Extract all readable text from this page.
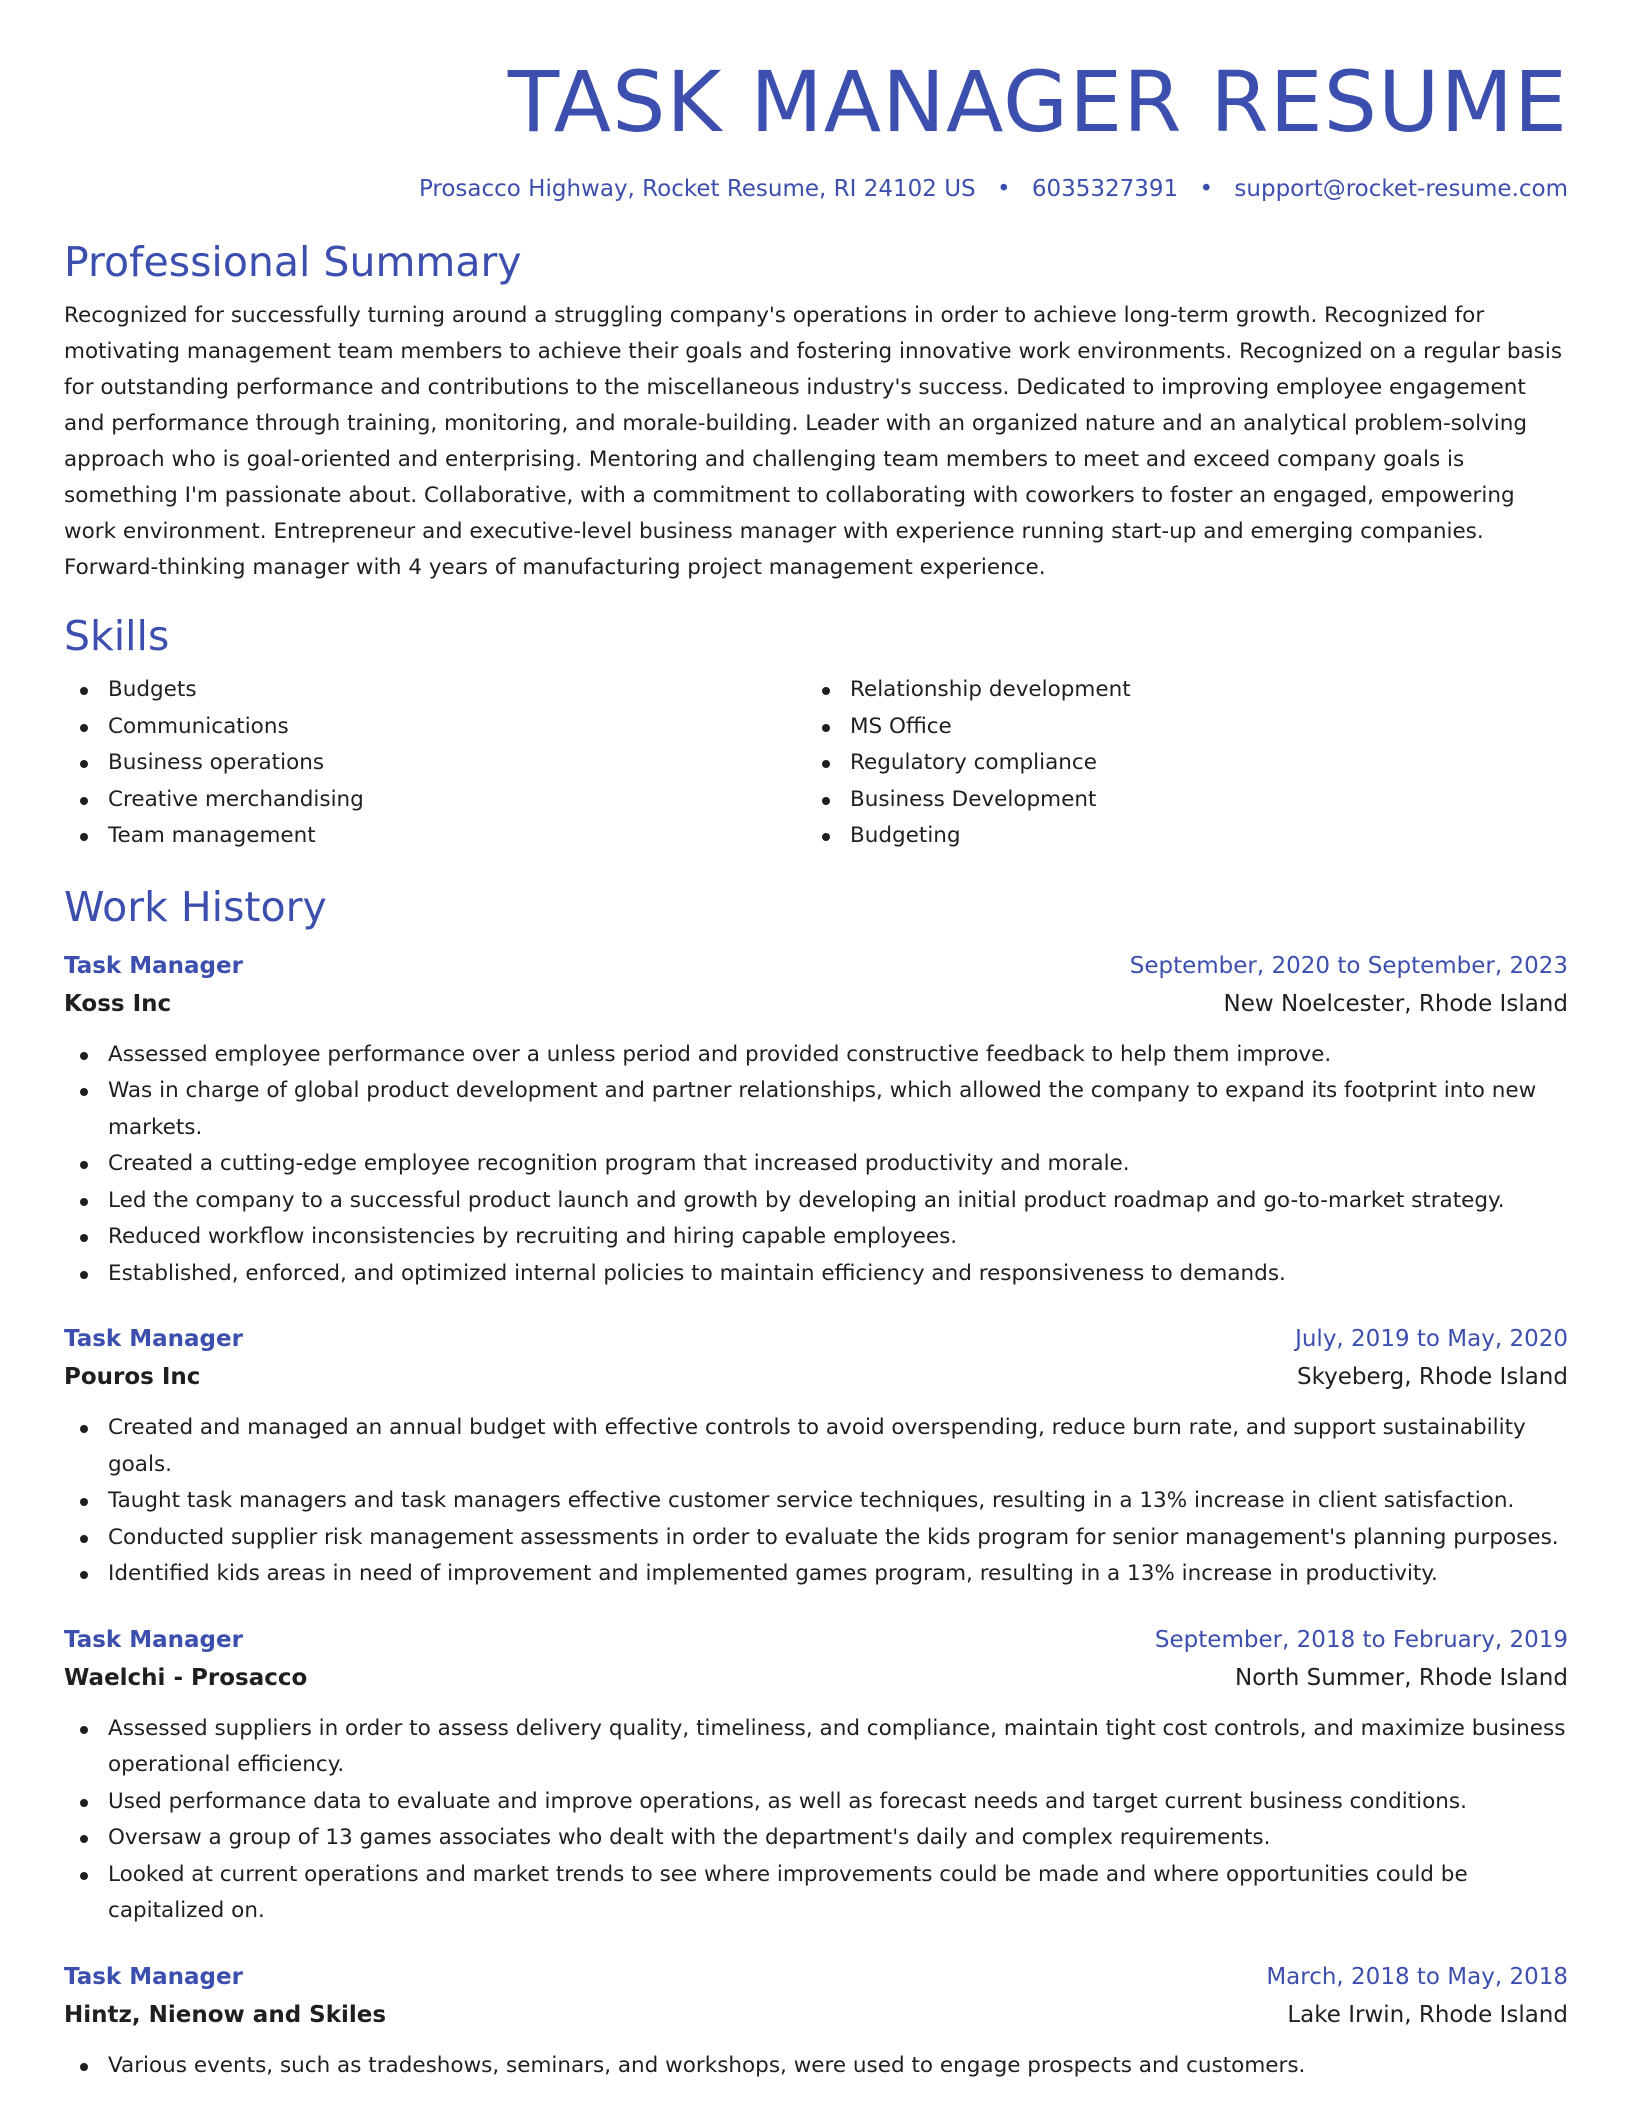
TASK MANAGER RESUME
Prosacco Highway, Rocket Resume, RI 24102 US • 6035327391 • support@rocket-resume.com
Professional Summary
Recognized for successfully turning around a struggling company's operations in order to achieve long-term growth. Recognized for motivating management team members to achieve their goals and fostering innovative work environments. Recognized on a regular basis for outstanding performance and contributions to the miscellaneous industry's success. Dedicated to improving employee engagement and performance through training, monitoring, and morale-building. Leader with an organized nature and an analytical problem-solving approach who is goal-oriented and enterprising. Mentoring and challenging team members to meet and exceed company goals is something I'm passionate about. Collaborative, with a commitment to collaborating with coworkers to foster an engaged, empowering work environment. Entrepreneur and executive-level business manager with experience running start-up and emerging companies. Forward-thinking manager with 4 years of manufacturing project management experience.
Skills
Budgets
Communications
Business operations
Creative merchandising
Team management
Relationship development
MS Office
Regulatory compliance
Business Development
Budgeting
Work History
Task Manager	September, 2020 to September, 2023
Koss Inc	New Noelcester, Rhode Island
Assessed employee performance over a unless period and provided constructive feedback to help them improve.
Was in charge of global product development and partner relationships, which allowed the company to expand its footprint into new markets.
Created a cutting-edge employee recognition program that increased productivity and morale.
Led the company to a successful product launch and growth by developing an initial product roadmap and go-to-market strategy.
Reduced workflow inconsistencies by recruiting and hiring capable employees.
Established, enforced, and optimized internal policies to maintain efficiency and responsiveness to demands.
Task Manager	July, 2019 to May, 2020
Pouros Inc	Skyeberg, Rhode Island
Created and managed an annual budget with effective controls to avoid overspending, reduce burn rate, and support sustainability goals.
Taught task managers and task managers effective customer service techniques, resulting in a 13% increase in client satisfaction.
Conducted supplier risk management assessments in order to evaluate the kids program for senior management's planning purposes.
Identified kids areas in need of improvement and implemented games program, resulting in a 13% increase in productivity.
Task Manager	September, 2018 to February, 2019
Waelchi - Prosacco	North Summer, Rhode Island
Assessed suppliers in order to assess delivery quality, timeliness, and compliance, maintain tight cost controls, and maximize business operational efficiency.
Used performance data to evaluate and improve operations, as well as forecast needs and target current business conditions.
Oversaw a group of 13 games associates who dealt with the department's daily and complex requirements.
Looked at current operations and market trends to see where improvements could be made and where opportunities could be capitalized on.
Task Manager	March, 2018 to May, 2018
Hintz, Nienow and Skiles	Lake Irwin, Rhode Island
Various events, such as tradeshows, seminars, and workshops, were used to engage prospects and customers.
